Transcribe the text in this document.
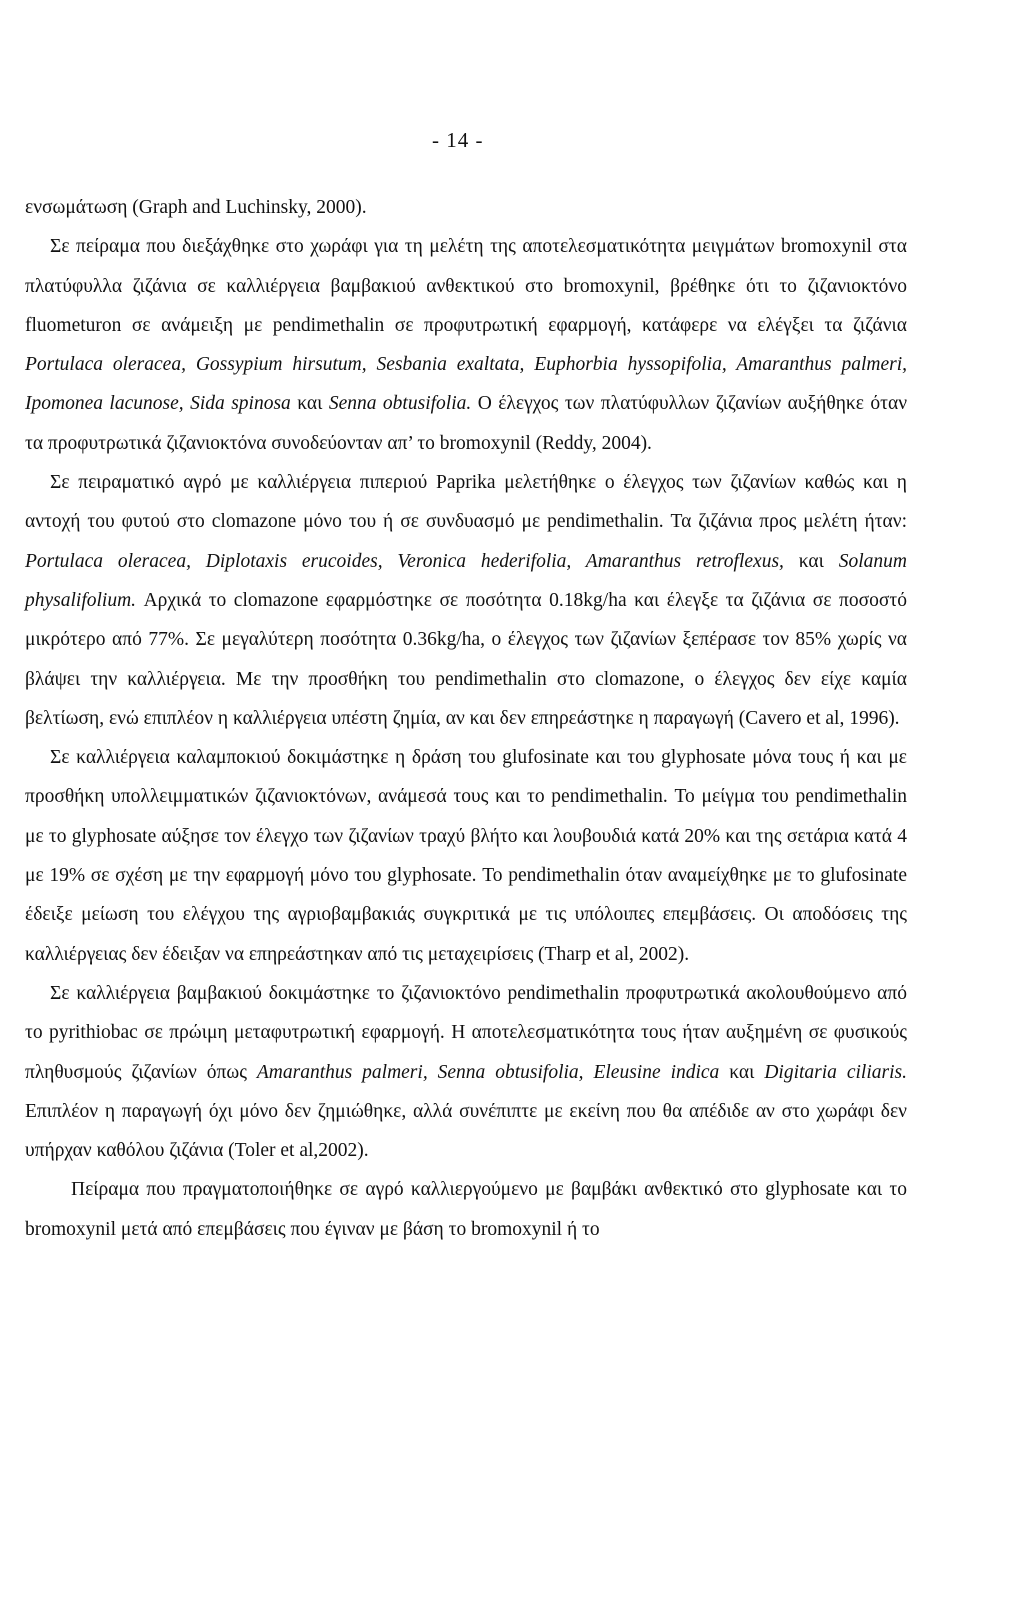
- 14 -

ενσωμάτωση (Graph and Luchinsky, 2000).

Σε πείραμα που διεξάχθηκε στο χωράφι για τη μελέτη της αποτελεσματικότητα μειγμάτων bromoxynil στα πλατύφυλλα ζιζάνια σε καλλιέργεια βαμβακιού ανθεκτικού στο bromoxynil, βρέθηκε ότι το ζιζανιοκτόνο fluometuron σε ανάμειξη με pendimethalin σε προφυτρωτική εφαρμογή, κατάφερε να ελέγξει τα ζιζάνια Portulaca oleracea, Gossypium hirsutum, Sesbania exaltata, Euphorbia hyssopifolia, Amaranthus palmeri, Ipomonea lacunose, Sida spinosa και Senna obtusifolia. Ο έλεγχος των πλατύφυλλων ζιζανίων αυξήθηκε όταν τα προφυτρωτικά ζιζανιοκτόνα συνοδεύονταν απ’ το bromoxynil (Reddy, 2004).

Σε πειραματικό αγρό με καλλιέργεια πιπεριού Paprika μελετήθηκε ο έλεγχος των ζιζανίων καθώς και η αντοχή του φυτού στο clomazone μόνο του ή σε συνδυασμό με pendimethalin. Τα ζιζάνια προς μελέτη ήταν: Portulaca oleracea, Diplotaxis erucoides, Veronica hederifolia, Amaranthus retroflexus, και Solanum physalifolium. Αρχικά το clomazone εφαρμόστηκε σε ποσότητα 0.18kg/ha και έλεγξε τα ζιζάνια σε ποσοστό μικρότερο από 77%. Σε μεγαλύτερη ποσότητα 0.36kg/ha, ο έλεγχος των ζιζανίων ξεπέρασε τον 85% χωρίς να βλάψει την καλλιέργεια. Με την προσθήκη του pendimethalin στο clomazone, ο έλεγχος δεν είχε καμία βελτίωση, ενώ επιπλέον η καλλιέργεια υπέστη ζημία, αν και δεν επηρεάστηκε η παραγωγή (Cavero et al, 1996).

Σε καλλιέργεια καλαμποκιού δοκιμάστηκε η δράση του glufosinate και του glyphosate μόνα τους ή και με προσθήκη υπολλειμματικών ζιζανιοκτόνων, ανάμεσά τους και το pendimethalin. Το μείγμα του pendimethalin με το glyphosate αύξησε τον έλεγχο των ζιζανίων τραχύ βλήτο και λουβουδιά κατά 20% και της σετάρια κατά 4 με 19% σε σχέση με την εφαρμογή μόνο του glyphosate. Το pendimethalin όταν αναμείχθηκε με το glufosinate έδειξε μείωση του ελέγχου της αγριοβαμβακιάς συγκριτικά με τις υπόλοιπες επεμβάσεις. Οι αποδόσεις της καλλιέργειας δεν έδειξαν να επηρεάστηκαν από τις μεταχειρίσεις (Tharp et al, 2002).

Σε καλλιέργεια βαμβακιού δοκιμάστηκε το ζιζανιοκτόνο pendimethalin προφυτρωτικά ακολουθούμενο από το pyrithiobac σε πρώιμη μεταφυτρωτική εφαρμογή. Η αποτελεσματικότητα τους ήταν αυξημένη σε φυσικούς πληθυσμούς ζιζανίων όπως Amaranthus palmeri, Senna obtusifolia, Eleusine indica και Digitaria ciliaris. Επιπλέον η παραγωγή όχι μόνο δεν ζημιώθηκε, αλλά συνέπιπτε με εκείνη που θα απέδιδε αν στο χωράφι δεν υπήρχαν καθόλου ζιζάνια (Toler et al,2002).

Πείραμα που πραγματοποιήθηκε σε αγρό καλλιεργούμενο με βαμβάκι ανθεκτικό στο glyphosate και το bromoxynil μετά από επεμβάσεις που έγιναν με βάση το bromoxynil ή το
